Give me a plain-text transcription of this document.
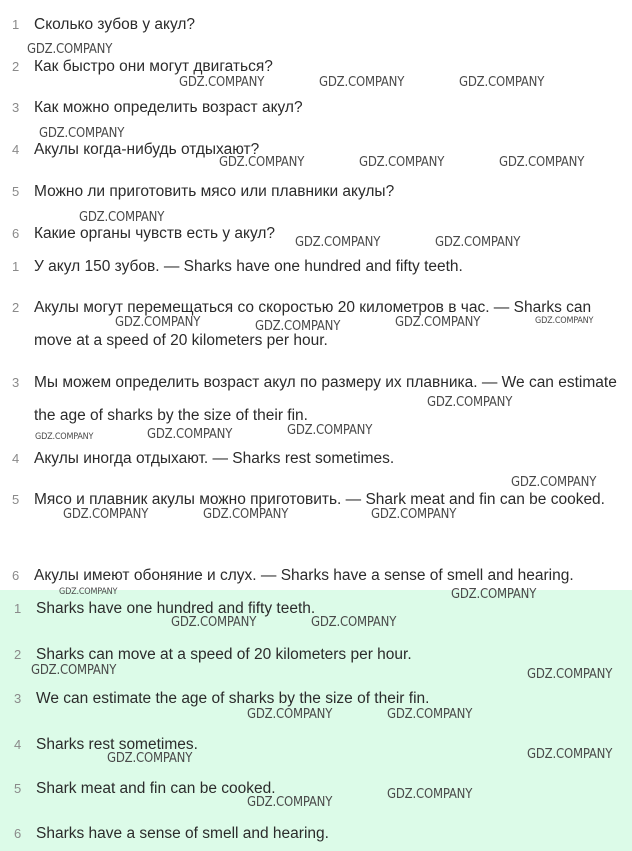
1 Сколько зубов у акул?
2 Как быстро они могут двигаться?
3 Как можно определить возраст акул?
4 Акулы когда-нибудь отдыхают?
5 Можно ли приготовить мясо или плавники акулы?
6 Какие органы чувств есть у акул?
1 У акул 150 зубов. — Sharks have one hundred and fifty teeth.
2 Акулы могут перемещаться со скоростью 20 километров в час. — Sharks can move at a speed of 20 kilometers per hour.
3 Мы можем определить возраст акул по размеру их плавника. — We can estimate the age of sharks by the size of their fin.
4 Акулы иногда отдыхают. — Sharks rest sometimes.
5 Мясо и плавник акулы можно приготовить. — Shark meat and fin can be cooked.
6 Акулы имеют обоняние и слух. — Sharks have a sense of smell and hearing.
1 Sharks have one hundred and fifty teeth.
2 Sharks can move at a speed of 20 kilometers per hour.
3 We can estimate the age of sharks by the size of their fin.
4 Sharks rest sometimes.
5 Shark meat and fin can be cooked.
6 Sharks have a sense of smell and hearing.
GDZ.COMPANY
GDZ.COMPANY	GDZ.COMPANY	GDZ.COMPANY
GDZ.COMPANY
GDZ.COMPANY	GDZ.COMPANY	GDZ.COMPANY
GDZ.COMPANY
GDZ.COMPANY	GDZ.COMPANY
GDZ.COMPANY	GDZ.COMPANY	GDZ.COMPANY	GDZ.COMPANY
GDZ.COMPANY
GDZ.COMPANY	GDZ.COMPANY	GDZ.COMPANY
GDZ.COMPANY
GDZ.COMPANY	GDZ.COMPANY	GDZ.COMPANY
GDZ.COMPANY	GDZ.COMPANY
GDZ.COMPANY	GDZ.COMPANY
GDZ.COMPANY	GDZ.COMPANY
GDZ.COMPANY	GDZ.COMPANY
GDZ.COMPANY	GDZ.COMPANY
GDZ.COMPANY
GDZ.COMPANY
